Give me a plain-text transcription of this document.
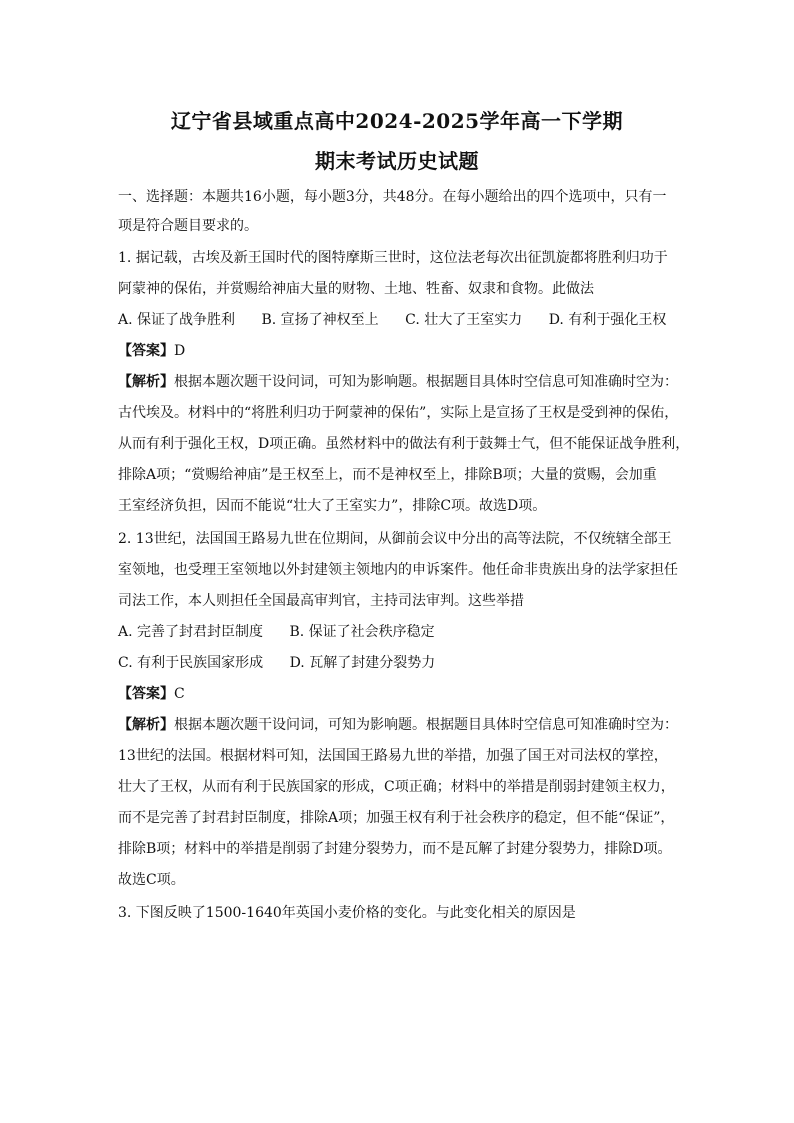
辽宁省县域重点高中2024-2025学年高一下学期
期末考试历史试题
一、选择题：本题共16小题，每小题3分，共48分。在每小题给出的四个选项中，只有一
项是符合题目要求的。
1. 据记载，古埃及新王国时代的图特摩斯三世时，这位法老每次出征凯旋都将胜利归功于
阿蒙神的保佑，并赏赐给神庙大量的财物、土地、牲畜、奴隶和食物。此做法
A. 保证了战争胜利 B. 宣扬了神权至上 C. 壮大了王室实力 D. 有利于强化王权
【答案】D
【解析】根据本题次题干设问词，可知为影响题。根据题目具体时空信息可知准确时空为：
古代埃及。材料中的“将胜利归功于阿蒙神的保佑”，实际上是宣扬了王权是受到神的保佑，
从而有利于强化王权，D项正确。虽然材料中的做法有利于鼓舞士气，但不能保证战争胜利，
排除A项；“赏赐给神庙”是王权至上，而不是神权至上，排除B项；大量的赏赐，会加重
王室经济负担，因而不能说“壮大了王室实力”，排除C项。故选D项。
2. 13世纪，法国国王路易九世在位期间，从御前会议中分出的高等法院，不仅统辖全部王
室领地，也受理王室领地以外封建领主领地内的申诉案件。他任命非贵族出身的法学家担任
司法工作，本人则担任全国最高审判官，主持司法审判。这些举措
A. 完善了封君封臣制度 B. 保证了社会秩序稳定
C. 有利于民族国家形成 D. 瓦解了封建分裂势力
【答案】C
【解析】根据本题次题干设问词，可知为影响题。根据题目具体时空信息可知准确时空为：
13世纪的法国。根据材料可知，法国国王路易九世的举措，加强了国王对司法权的掌控，
壮大了王权，从而有利于民族国家的形成，C项正确；材料中的举措是削弱封建领主权力，
而不是完善了封君封臣制度，排除A项；加强王权有利于社会秩序的稳定，但不能“保证”，
排除B项；材料中的举措是削弱了封建分裂势力，而不是瓦解了封建分裂势力，排除D项。
故选C项。
3. 下图反映了1500-1640年英国小麦价格的变化。与此变化相关的原因是
